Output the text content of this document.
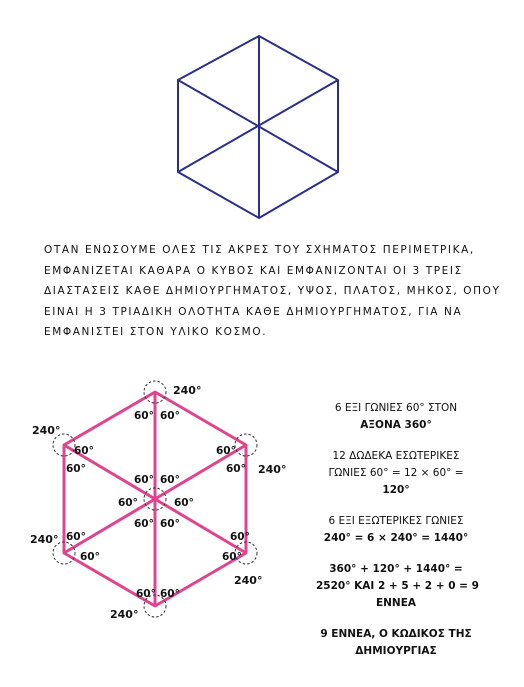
ΟΤΑΝ ΕΝΩΣΟΥΜΕ ΟΛΕΣ ΤΙΣ ΑΚΡΕΣ ΤΟΥ ΣΧΗΜΑΤΟΣ ΠΕΡΙΜΕΤΡΙΚΑ,
ΕΜΦΑΝΙΖΕΤΑΙ ΚΑΘΑΡΑ Ο ΚΥΒΟΣ ΚΑΙ ΕΜΦΑΝΙΖΟΝΤΑΙ ΟΙ 3 ΤΡΕΙΣ
ΔΙΑΣΤΑΣΕΙΣ ΚΑΘΕ ΔΗΜΙΟΥΡΓΗΜΑΤΟΣ, ΥΨΟΣ, ΠΛΑΤΟΣ, ΜΗΚΟΣ, ΟΠΟΥ
ΕΙΝΑΙ Η 3 ΤΡΙΑΔΙΚΗ ΟΛΟΤΗΤΑ ΚΑΘΕ ΔΗΜΙΟΥΡΓΗΜΑΤΟΣ, ΓΙΑ ΝΑ
ΕΜΦΑΝΙΣΤΕΙ ΣΤΟΝ ΥΛΙΚΟ ΚΟΣΜΟ.
240°
240°
240°
240°
240°
240°
60° 60°
60°
60°
60°
60°
60° 60°
60°	60°
60° 60°
60°
60°
60°
60°
60° 60°
6 ΕΞΙ ΓΩΝΙΕΣ 60° ΣΤΟΝ
ΑΞΟΝΑ 360°
12 ΔΩΔΕΚΑ ΕΣΩΤΕΡΙΚΕΣ
ΓΩΝΙΕΣ 60° = 12 × 60° =
120°
6 ΕΞΙ ΕΞΩΤΕΡΙΚΕΣ ΓΩΝΙΕΣ
240° = 6 × 240° = 1440°
360° + 120° + 1440° =
2520° ΚΑΙ 2 + 5 + 2 + 0 = 9
ΕΝΝΕΑ
9 ΕΝΝΕΑ, Ο ΚΩΔΙΚΟΣ ΤΗΣ
ΔΗΜΙΟΥΡΓΙΑΣ
